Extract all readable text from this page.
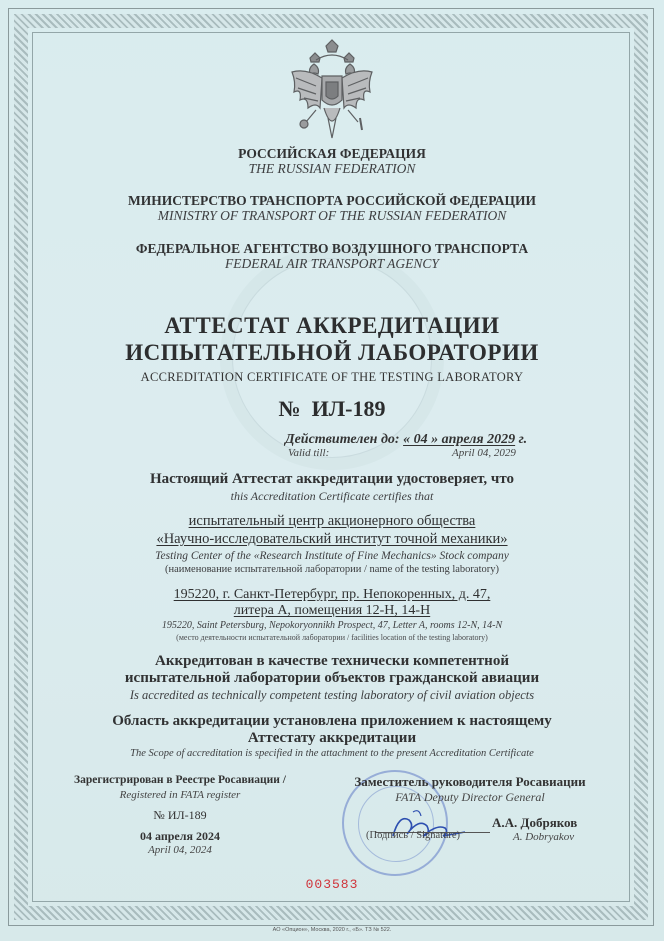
РОССИЙСКАЯ ФЕДЕРАЦИЯ
THE RUSSIAN FEDERATION
МИНИСТЕРСТВО ТРАНСПОРТА РОССИЙСКОЙ ФЕДЕРАЦИИ
MINISTRY OF TRANSPORT OF THE RUSSIAN FEDERATION
ФЕДЕРАЛЬНОЕ АГЕНТСТВО ВОЗДУШНОГО ТРАНСПОРТА
FEDERAL AIR TRANSPORT AGENCY
АТТЕСТАТ АККРЕДИТАЦИИ
ИСПЫТАТЕЛЬНОЙ ЛАБОРАТОРИИ
ACCREDITATION CERTIFICATE OF THE TESTING LABORATORY
№ ИЛ-189
Действителен до: « 04 » апреля 2029 г.
Valid till:	April 04, 2029
Настоящий Аттестат аккредитации удостоверяет, что
this Accreditation Certificate certifies that
испытательный центр акционерного общества
«Научно-исследовательский институт точной механики»
Testing Center of the «Research Institute of Fine Mechanics» Stock company
(наименование испытательной лаборатории / name of the testing laboratory)
195220, г. Санкт-Петербург, пр. Непокоренных, д. 47,
литера А, помещения 12-Н, 14-Н
195220, Saint Petersburg, Nepokoryonnikh Prospect, 47, Letter A, rooms 12-N, 14-N
(место деятельности испытательной лаборатории / facilities location of the testing laboratory)
Аккредитован в качестве технически компетентной
испытательной лаборатории объектов гражданской авиации
Is accredited as technically competent testing laboratory of civil aviation objects
Область аккредитации установлена приложением к настоящему
Аттестату аккредитации
The Scope of accreditation is specified in the attachment to the present Accreditation Certificate
Зарегистрирован в Реестре Росавиации /
Registered in FATA register
№ ИЛ-189
04 апреля 2024
April 04, 2024
Заместитель руководителя Росавиации
FATA Deputy Director General
(Подпись / Signature)
А.А. Добряков
A. Dobryakov
003583
АО «Опцион», Москва, 2020 г., «Б». ТЗ № 522.
